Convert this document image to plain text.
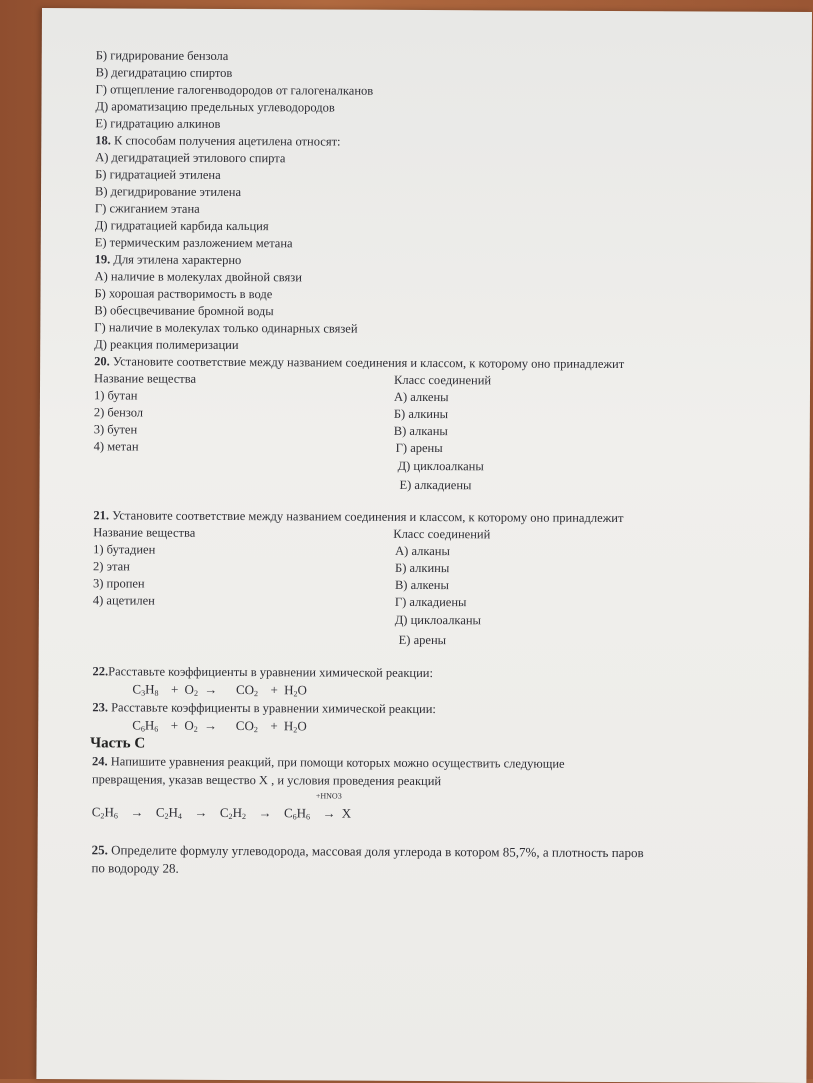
Б) гидрирование бензола
В) дегидратацию спиртов
Г) отщепление галогенводородов от галогеналканов
Д) ароматизацию предельных углеводородов
Е) гидратацию алкинов
18. К способам получения ацетилена относят:
А) дегидратацией этилового спирта
Б) гидратацией этилена
В) дегидрирование этилена
Г) сжиганием этана
Д) гидратацией карбида кальция
Е) термическим разложением метана
19. Для этилена характерно
А) наличие в молекулах двойной связи
Б) хорошая растворимость в воде
В) обесцвечивание бромной воды
Г) наличие в молекулах только одинарных связей
Д) реакция полимеризации
20. Установите соответствие между названием соединения и классом, к которому оно принадлежит
Название вещества	Класс соединений
1) бутан
2) бензол
3) бутен
4) метан
А) алкены
Б) алкины
В) алканы
Г) арены
Д) циклоалканы
Е) алкадиены
21. Установите соответствие между названием соединения и классом, к которому оно принадлежит
Название вещества	Класс соединений
1) бутадиен
2) этан
3) пропен
4) ацетилен
А) алканы
Б) алкины
В) алкены
Г) алкадиены
Д) циклоалканы
Е) арены
22.Расставьте коэффициенты в уравнении химической реакции:
$C_3H_8 + O_2 \to CO_2 + H_2O$
23. Расставьте коэффициенты в уравнении химической реакции:
$C_6H_6 + O_2 \to CO_2 + H_2O$
Часть С
24. Напишите уравнения реакций, при помощи которых можно осуществить следующие
превращения, указав вещество Х , и условия проведения реакций
+HNO3
$C_2H_6 \to C_2H_4 \to C_2H_2 \to C_6H_6 \to Х$
25. Определите формулу углеводорода, массовая доля углерода в котором 85,7%, а плотность паров
по водороду 28.
